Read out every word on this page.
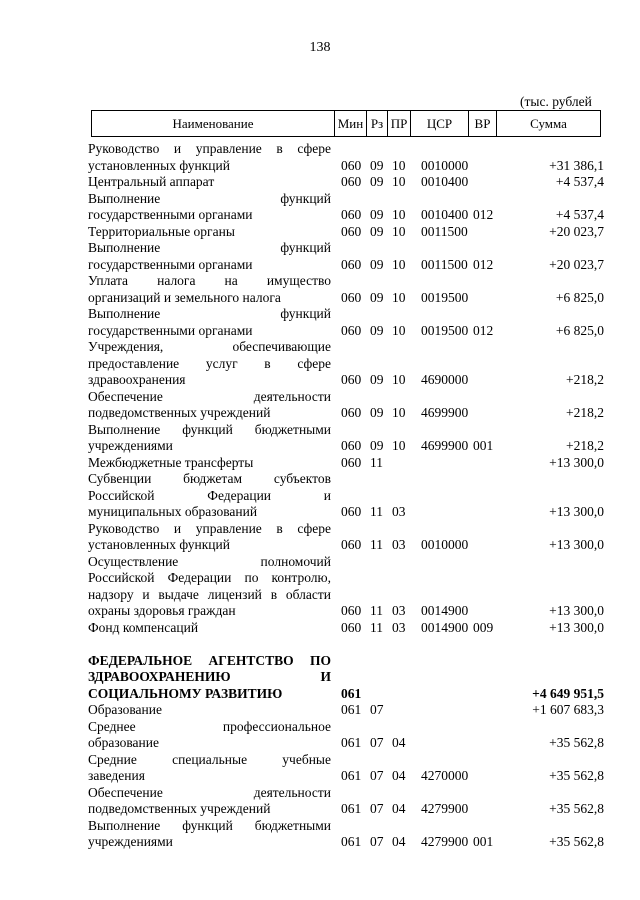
138
(тыс. рублей
Наименование	Мин	Рз	ПР	ЦСР	ВР	Сумма
Руководство и управление в сфере
установленных функций	060 09 10 0010000	+31 386,1
Центральный аппарат	060 09 10 0010400	+4 537,4
Выполнение функций
государственными органами	060 09 10 0010400 012	+4 537,4
Территориальные органы	060 09 10 0011500	+20 023,7
Выполнение функций
государственными органами	060 09 10 0011500 012	+20 023,7
Уплата налога на имущество
организаций и земельного налога	060 09 10 0019500	+6 825,0
Выполнение функций
государственными органами	060 09 10 0019500 012	+6 825,0
Учреждения, обеспечивающие
предоставление услуг в сфере
здравоохранения	060 09 10 4690000	+218,2
Обеспечение деятельности
подведомственных учреждений	060 09 10 4699900	+218,2
Выполнение функций бюджетными
учреждениями	060 09 10 4699900 001	+218,2
Межбюджетные трансферты	060 11	+13 300,0
Субвенции бюджетам субъектов
Российской Федерации и
муниципальных образований	060 11 03	+13 300,0
Руководство и управление в сфере
установленных функций	060 11 03 0010000	+13 300,0
Осуществление полномочий
Российской Федерации по контролю,
надзору и выдаче лицензий в области
охраны здоровья граждан	060 11 03 0014900	+13 300,0
Фонд компенсаций	060 11 03 0014900 009	+13 300,0
ФЕДЕРАЛЬНОЕ АГЕНТСТВО ПО
ЗДРАВООХРАНЕНИЮ И
СОЦИАЛЬНОМУ РАЗВИТИЮ	061	+4 649 951,5
Образование	061 07	+1 607 683,3
Среднее профессиональное
образование	061 07 04	+35 562,8
Средние специальные учебные
заведения	061 07 04 4270000	+35 562,8
Обеспечение деятельности
подведомственных учреждений	061 07 04 4279900	+35 562,8
Выполнение функций бюджетными
учреждениями	061 07 04 4279900 001	+35 562,8
